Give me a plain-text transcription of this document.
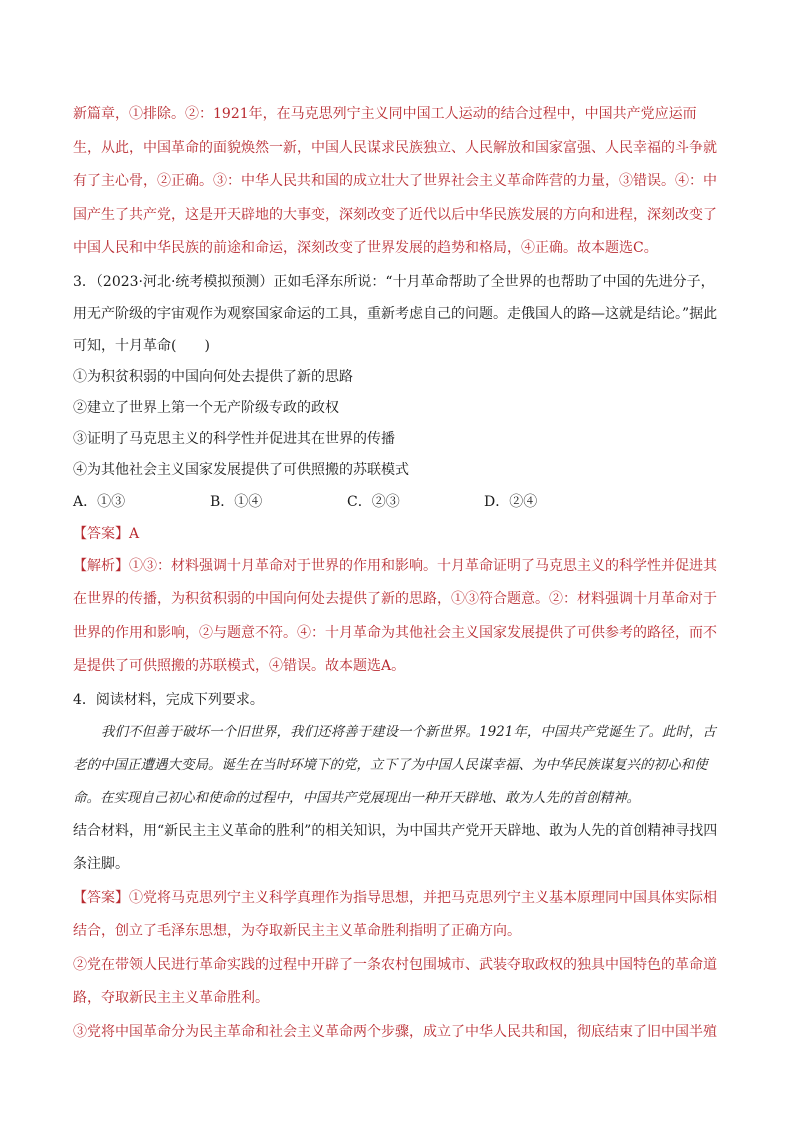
新篇章，①排除。②：1921年，在马克思列宁主义同中国工人运动的结合过程中，中国共产党应运而生，从此，中国革命的面貌焕然一新，中国人民谋求民族独立、人民解放和国家富强、人民幸福的斗争就有了主心骨，②正确。③：中华人民共和国的成立壮大了世界社会主义革命阵营的力量，③错误。④：中国产生了共产党，这是开天辟地的大事变，深刻改变了近代以后中华民族发展的方向和进程，深刻改变了中国人民和中华民族的前途和命运，深刻改变了世界发展的趋势和格局，④正确。故本题选C。
3．（2023·河北·统考模拟预测）正如毛泽东所说：“十月革命帮助了全世界的也帮助了中国的先进分子，用无产阶级的宇宙观作为观察国家命运的工具，重新考虑自己的问题。走俄国人的路—这就是结论。”据此可知，十月革命(　　)
①为积贫积弱的中国向何处去提供了新的思路
②建立了世界上第一个无产阶级专政的政权
③证明了马克思主义的科学性并促进其在世界的传播
④为其他社会主义国家发展提供了可供照搬的苏联模式
A．①③	B．①④	C．②③	D．②④
【答案】A
【解析】①③：材料强调十月革命对于世界的作用和影响。十月革命证明了马克思主义的科学性并促进其在世界的传播，为积贫积弱的中国向何处去提供了新的思路，①③符合题意。②：材料强调十月革命对于世界的作用和影响，②与题意不符。④：十月革命为其他社会主义国家发展提供了可供参考的路径，而不是提供了可供照搬的苏联模式，④错误。故本题选A。
4．阅读材料，完成下列要求。
我们不但善于破坏一个旧世界，我们还将善于建设一个新世界。1921年，中国共产党诞生了。此时，古老的中国正遭遇大变局。诞生在当时环境下的党，立下了为中国人民谋幸福、为中华民族谋复兴的初心和使命。在实现自己初心和使命的过程中，中国共产党展现出一种开天辟地、敢为人先的首创精神。
结合材料，用“新民主主义革命的胜利”的相关知识，为中国共产党开天辟地、敢为人先的首创精神寻找四条注脚。
【答案】①党将马克思列宁主义科学真理作为指导思想，并把马克思列宁主义基本原理同中国具体实际相结合，创立了毛泽东思想，为夺取新民主主义革命胜利指明了正确方向。
②党在带领人民进行革命实践的过程中开辟了一条农村包围城市、武装夺取政权的独具中国特色的革命道路，夺取新民主主义革命胜利。
③党将中国革命分为民主革命和社会主义革命两个步骤，成立了中华人民共和国，彻底结束了旧中国半殖
